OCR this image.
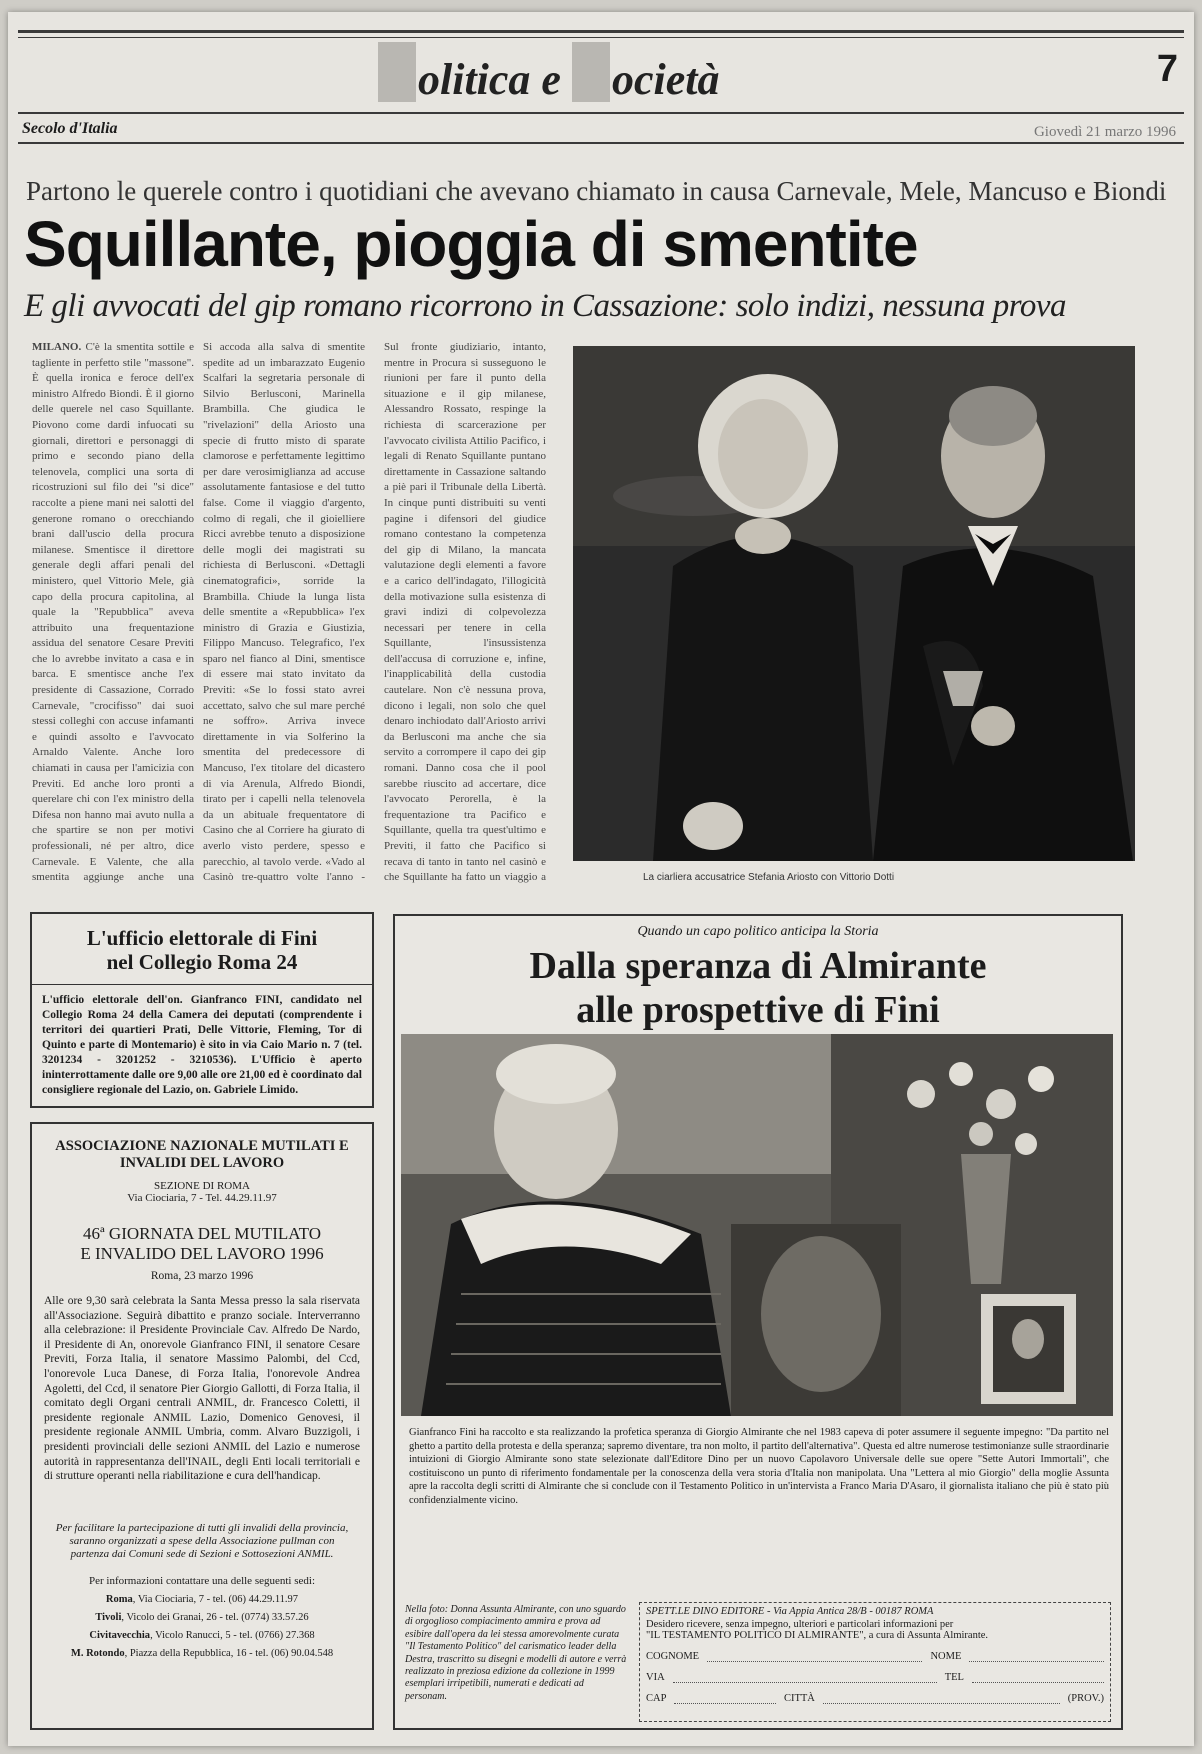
olitica e ocietà	7
Secolo d'Italia	Giovedì 21 marzo 1996
Partono le querele contro i quotidiani che avevano chiamato in causa Carnevale, Mele, Mancuso e Biondi
Squillante, pioggia di smentite
E gli avvocati del gip romano ricorrono in Cassazione: solo indizi, nessuna prova

MILANO. C'è la smentita sottile e tagliente in perfetto stile "massone". È quella ironica e feroce dell'ex ministro Alfredo Biondi. È il giorno delle querele nel caso Squillante. Piovono come dardi infuocati su giornali, direttori e personaggi di primo e secondo piano della telenovela, complici una sorta di ricostruzioni sul filo dei "si dice" raccolte a piene mani nei salotti del generone romano o orecchiando brani dall'uscio della procura milanese. Smentisce il direttore generale degli affari penali del ministero, quel Vittorio Mele, già capo della procura capitolina, al quale la "Repubblica" aveva attribuito una frequentazione assidua del senatore Cesare Previti che lo avrebbe invitato a casa e in barca. E smentisce anche l'ex presidente di Cassazione, Corrado Carnevale, "crocifisso" dai suoi stessi colleghi con accuse infamanti e quindi assolto e l'avvocato Arnaldo Valente. Anche loro chiamati in causa per l'amicizia con Previti. Ed anche loro pronti a querelare chi con l'ex ministro della Difesa non hanno mai avuto nulla a che spartire se non per motivi professionali, né per altro, dice Carnevale. E Valente, che alla smentita aggiunge anche una

Si accoda alla salva di smentite spedite ad un imbarazzato Eugenio Scalfari la segretaria personale di Silvio Berlusconi, Marinella Brambilla. Che giudica le "rivelazioni" della Ariosto una specie di frutto misto di sparate clamorose e perfettamente legittimo per dare verosimiglianza ad accuse assolutamente fantasiose e del tutto false. Come il viaggio d'argento, colmo di regali, che il gioielliere Ricci avrebbe tenuto a disposizione delle mogli dei magistrati su richiesta di Berlusconi. «Dettagli cinematografici», sorride la Brambilla. Chiude la lunga lista delle smentite a «Repubblica» l'ex ministro di Grazia e Giustizia, Filippo Mancuso. Telegrafico, l'ex sparo nel fianco al Dini, smentisce di essere mai stato invitato da Previti: «Se lo fossi stato avrei accettato, salvo che sul mare perché ne soffro». Arriva invece direttamente in via Solferino la smentita del predecessore di Mancuso, l'ex titolare del dicastero di via Arenula, Alfredo Biondi, tirato per i capelli nella telenovela da un abituale frequentatore di Casino che al Corriere ha giurato di averlo visto perdere, spesso e parecchio, al tavolo verde. «Vado al Casinò tre-quattro volte l'anno -

Sul fronte giudiziario, intanto, mentre in Procura si susseguono le riunioni per fare il punto della situazione e il gip milanese, Alessandro Rossato, respinge la richiesta di scarcerazione per l'avvocato civilista Attilio Pacifico, i legali di Renato Squillante puntano direttamente in Cassazione saltando a piè pari il Tribunale della Libertà. In cinque punti distribuiti su venti pagine i difensori del giudice romano contestano la competenza del gip di Milano, la mancata valutazione degli elementi a favore e a carico dell'indagato, l'illogicità della motivazione sulla esistenza di gravi indizi di colpevolezza necessari per tenere in cella Squillante, l'insussistenza dell'accusa di corruzione e, infine, l'inapplicabilità della custodia cautelare. Non c'è nessuna prova, dicono i legali, non solo che quel denaro inchiodato dall'Ariosto arrivi da Berlusconi ma anche che sia servito a corrompere il capo dei gip romani. Danno cosa che il pool sarebbe riuscito ad accertare, dice l'avvocato Perorella, è la frequentazione tra Pacifico e Squillante, quella tra quest'ultimo e Previti, il fatto che Pacifico si recava di tanto in tanto nel casinò e che Squillante ha fatto un viaggio a	La ciarliera accusatrice Stefania Ariosto con Vittorio Dotti
L'ufficio elettorale di Fini
nel Collegio Roma 24
L'ufficio elettorale dell'on. Gianfranco FINI, candidato nel Collegio Roma 24 della Camera dei deputati (comprendente i territori dei quartieri Prati, Delle Vittorie, Fleming, Tor di Quinto e parte di Montemario) è sito in via Caio Mario n. 7 (tel. 3201234 - 3201252 - 3210536). L'Ufficio è aperto ininterrottamente dalle ore 9,00 alle ore 21,00 ed è coordinato dal consigliere regionale del Lazio, on. Gabriele Limido.
ASSOCIAZIONE NAZIONALE MUTILATI E
INVALIDI DEL LAVORO
SEZIONE DI ROMA
Via Ciociaria, 7 - Tel. 44.29.11.97
46ª GIORNATA DEL MUTILATO
E INVALIDO DEL LAVORO 1996
Roma, 23 marzo 1996
Alle ore 9,30 sarà celebrata la Santa Messa presso la sala riservata all'Associazione. Seguirà dibattito e pranzo sociale. Interverranno alla celebrazione: il Presidente Provinciale Cav. Alfredo De Nardo, il Presidente di An, onorevole Gianfranco FINI, il senatore Cesare Previti, Forza Italia, il senatore Massimo Palombi, del Ccd, l'onorevole Luca Danese, di Forza Italia, l'onorevole Andrea Agoletti, del Ccd, il senatore Pier Giorgio Gallotti, di Forza Italia, il comitato degli Organi centrali ANMIL, dr. Francesco Coletti, il presidente regionale ANMIL Lazio, Domenico Genovesi, il presidente regionale ANMIL Umbria, comm. Alvaro Buzzigoli, i presidenti provinciali delle sezioni ANMIL del Lazio e numerose autorità in rappresentanza dell'INAIL, degli Enti locali territoriali e di strutture operanti nella riabilitazione e cura dell'handicap.
Per facilitare la partecipazione di tutti gli invalidi della provincia, saranno organizzati a spese della Associazione pullman con partenza dai Comuni sede di Sezioni e Sottosezioni ANMIL.
Per informazioni contattare una delle seguenti sedi:
Roma, Via Ciociaria, 7 - tel. (06) 44.29.11.97
Tivoli, Vicolo dei Granai, 26 - tel. (0774) 33.57.26
Civitavecchia, Vicolo Ranucci, 5 - tel. (0766) 27.368
M. Rotondo, Piazza della Repubblica, 16 - tel. (06) 90.04.548
Quando un capo politico anticipa la Storia
Dalla speranza di Almirante
alle prospettive di Fini
Gianfranco Fini ha raccolto e sta realizzando la profetica speranza di Giorgio Almirante che nel 1983 capeva di poter assumere il seguente impegno: "Da partito nel ghetto a partito della protesta e della speranza; sapremo diventare, tra non molto, il partito dell'alternativa". Questa ed altre numerose testimonianze sulle straordinarie intuizioni di Giorgio Almirante sono state selezionate dall'Editore Dino per un nuovo Capolavoro Universale delle sue opere "Sette Autori Immortali", che costituiscono un punto di riferimento fondamentale per la conoscenza della vera storia d'Italia non manipolata. Una "Lettera al mio Giorgio" della moglie Assunta apre la raccolta degli scritti di Almirante che si conclude con il Testamento Politico in un'intervista a Franco Maria D'Asaro, il giornalista italiano che più è stato più confidenzialmente vicino.
Nella foto: Donna Assunta Almirante, con uno sguardo di orgoglioso compiacimento ammira e prova ad esibire dall'opera da lei stessa amorevolmente curata "Il Testamento Politico" del carismatico leader della Destra, trascritto su disegni e modelli di autore e verrà realizzato in preziosa edizione da collezione in 1999 esemplari irripetibili, numerati e dedicati ad personam.
SPETT.LE DINO EDITORE - Via Appia Antica 28/B - 00187 ROMA
Desidero ricevere, senza impegno, ulteriori e particolari informazioni per
"IL TESTAMENTO POLITICO DI ALMIRANTE", a cura di Assunta Almirante.
COGNOME	NOME
VIA	TEL
CAP	CITTÀ	(PROV.)
